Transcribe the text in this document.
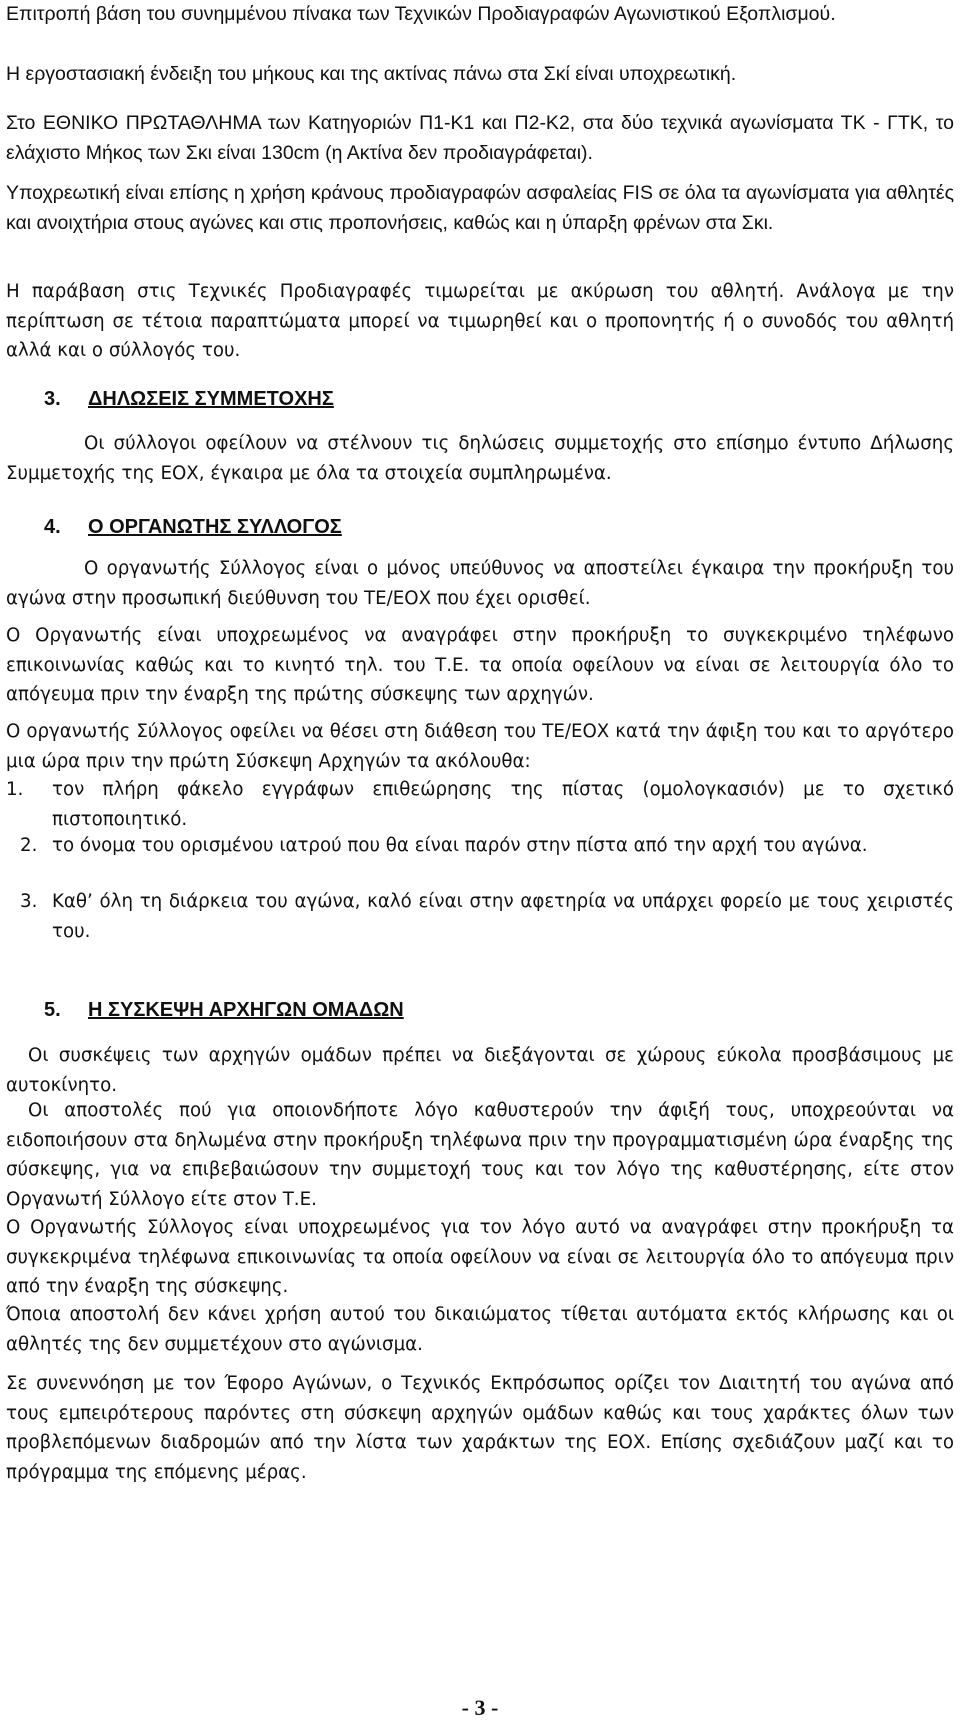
Επιτροπή βάση του συνημμένου πίνακα των Τεχνικών Προδιαγραφών Αγωνιστικού Εξοπλισμού.

Η εργοστασιακή ένδειξη του μήκους και της ακτίνας πάνω στα Σκί είναι υποχρεωτική.

Στο ΕΘΝΙΚΟ ΠΡΩΤΑΘΛΗΜΑ των Κατηγοριών Π1-Κ1 και Π2-Κ2, στα δύο τεχνικά αγωνίσματα ΤΚ - ΓΤΚ, το ελάχιστο Μήκος των Σκι είναι 130cm (η Ακτίνα δεν προδιαγράφεται).

Υποχρεωτική είναι επίσης η χρήση κράνους προδιαγραφών ασφαλείας FIS σε όλα τα αγωνίσματα για αθλητές και ανοιχτήρια στους αγώνες και στις προπονήσεις, καθώς και η ύπαρξη φρένων στα Σκι.

Η παράβαση στις Τεχνικές Προδιαγραφές τιμωρείται με ακύρωση του αθλητή. Ανάλογα με την περίπτωση σε τέτοια παραπτώματα μπορεί να τιμωρηθεί και ο προπονητής ή ο συνοδός του αθλητή αλλά και ο σύλλογός του.

3. ΔΗΛΩΣΕΙΣ ΣΥΜΜΕΤΟΧΗΣ

Οι σύλλογοι οφείλουν να στέλνουν τις δηλώσεις συμμετοχής στο επίσημο έντυπο Δήλωσης Συμμετοχής της ΕΟΧ, έγκαιρα με όλα τα στοιχεία συμπληρωμένα.

4. Ο ΟΡΓΑΝΩΤΗΣ ΣΥΛΛΟΓΟΣ

Ο οργανωτής Σύλλογος είναι ο μόνος υπεύθυνος να αποστείλει έγκαιρα την προκήρυξη του αγώνα στην προσωπική διεύθυνση του ΤΕ/ΕΟΧ που έχει ορισθεί.

Ο Οργανωτής είναι υποχρεωμένος να αναγράφει στην προκήρυξη το συγκεκριμένο τηλέφωνο επικοινωνίας καθώς και το κινητό τηλ. του Τ.Ε. τα οποία οφείλουν να είναι σε λειτουργία όλο το απόγευμα πριν την έναρξη της πρώτης σύσκεψης των αρχηγών.

Ο οργανωτής Σύλλογος οφείλει να θέσει στη διάθεση του ΤΕ/ΕΟΧ κατά την άφιξη του και το αργότερο μια ώρα πριν την πρώτη Σύσκεψη Αρχηγών τα ακόλουθα:

1. τον πλήρη φάκελο εγγράφων επιθεώρησης της πίστας (ομολογκασιόν) με το σχετικό πιστοποιητικό.
2. το όνομα του ορισμένου ιατρού που θα είναι παρόν στην πίστα από την αρχή του αγώνα.
3. Καθ’ όλη τη διάρκεια του αγώνα, καλό είναι στην αφετηρία να υπάρχει φορείο με τους χειριστές του.
5. Η ΣΥΣΚΕΨΗ ΑΡΧΗΓΩΝ ΟΜΑΔΩΝ

Οι συσκέψεις των αρχηγών ομάδων πρέπει να διεξάγονται σε χώρους εύκολα προσβάσιμους με αυτοκίνητο.

Οι αποστολές πού για οποιονδήποτε λόγο καθυστερούν την άφιξή τους, υποχρεούνται να ειδοποιήσουν στα δηλωμένα στην προκήρυξη τηλέφωνα πριν την προγραμματισμένη ώρα έναρξης της σύσκεψης, για να επιβεβαιώσουν την συμμετοχή τους και τον λόγο της καθυστέρησης, είτε στον Οργανωτή Σύλλογο είτε στον Τ.Ε.

Ο Οργανωτής Σύλλογος είναι υποχρεωμένος για τον λόγο αυτό να αναγράφει στην προκήρυξη τα συγκεκριμένα τηλέφωνα επικοινωνίας τα οποία οφείλουν να είναι σε λειτουργία όλο το απόγευμα πριν από την έναρξη της σύσκεψης.

Όποια αποστολή δεν κάνει χρήση αυτού του δικαιώματος τίθεται αυτόματα εκτός κλήρωσης και οι αθλητές της δεν συμμετέχουν στο αγώνισμα.

Σε συνεννόηση με τον Έφορο Αγώνων, ο Τεχνικός Εκπρόσωπος ορίζει τον Διαιτητή του αγώνα από τους εμπειρότερους παρόντες στη σύσκεψη αρχηγών ομάδων καθώς και τους χαράκτες όλων των προβλεπόμενων διαδρομών από την λίστα των χαράκτων της ΕΟΧ. Επίσης σχεδιάζουν μαζί και το πρόγραμμα της επόμενης μέρας.

- 3 -
